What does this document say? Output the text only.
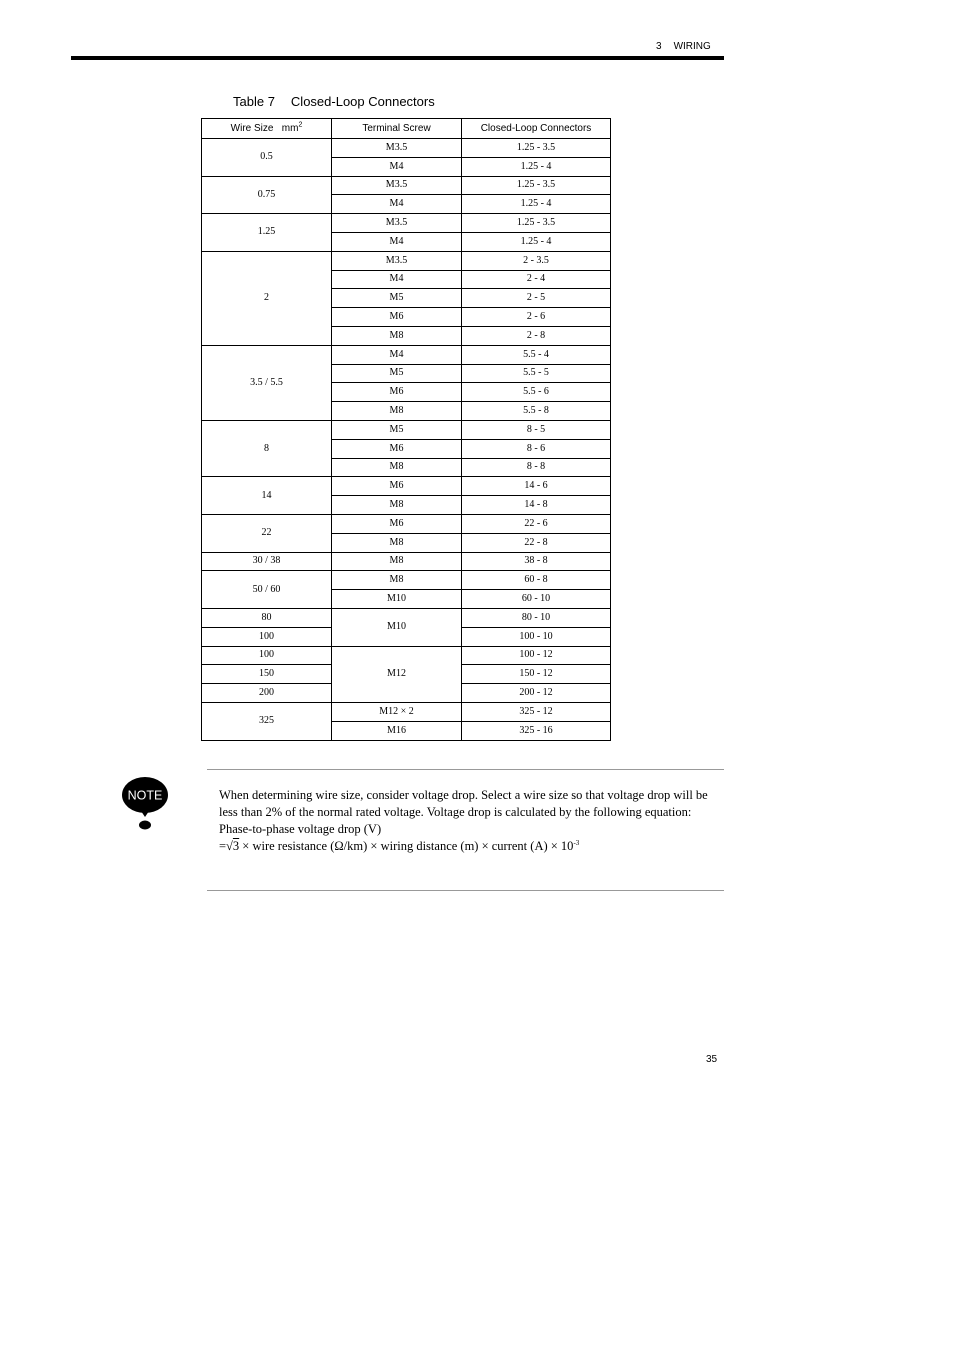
3 WIRING
Table 7 Closed-Loop Connectors
Wire Size   $mm^2$	Terminal Screw	Closed-Loop Connectors
0.5	M3.5	1.25 - 3.5
	M4	1.25 - 4
0.75	M3.5	1.25 - 3.5
	M4	1.25 - 4
1.25	M3.5	1.25 - 3.5
	M4	1.25 - 4
2	M3.5	2 - 3.5
	M4	2 - 4
	M5	2 - 5
	M6	2 - 6
	M8	2 - 8
3.5 / 5.5	M4	5.5 - 4
	M5	5.5 - 5
	M6	5.5 - 6
	M8	5.5 - 8
8	M5	8 - 5
	M6	8 - 6
	M8	8 - 8
14	M6	14 - 6
	M8	14 - 8
22	M6	22 - 6
	M8	22 - 8
30 / 38	M8	38 - 8
50 / 60	M8	60 - 8
	M10	60 - 10
80	M10	80 - 10
100		100 - 10
100	M12	100 - 12
150		150 - 12
200		200 - 12
325	M12 × 2	325 - 12
	M16	325 - 16
NOTE	When determining wire size, consider voltage drop. Select a wire size so that voltage drop will be less than 2% of the normal rated voltage. Voltage drop is calculated by the following equation:

Phase-to-phase voltage drop (V)

=√3 × wire resistance (Ω/km) × wiring distance (m) × current $(A) \times 10^{-3}$

35
